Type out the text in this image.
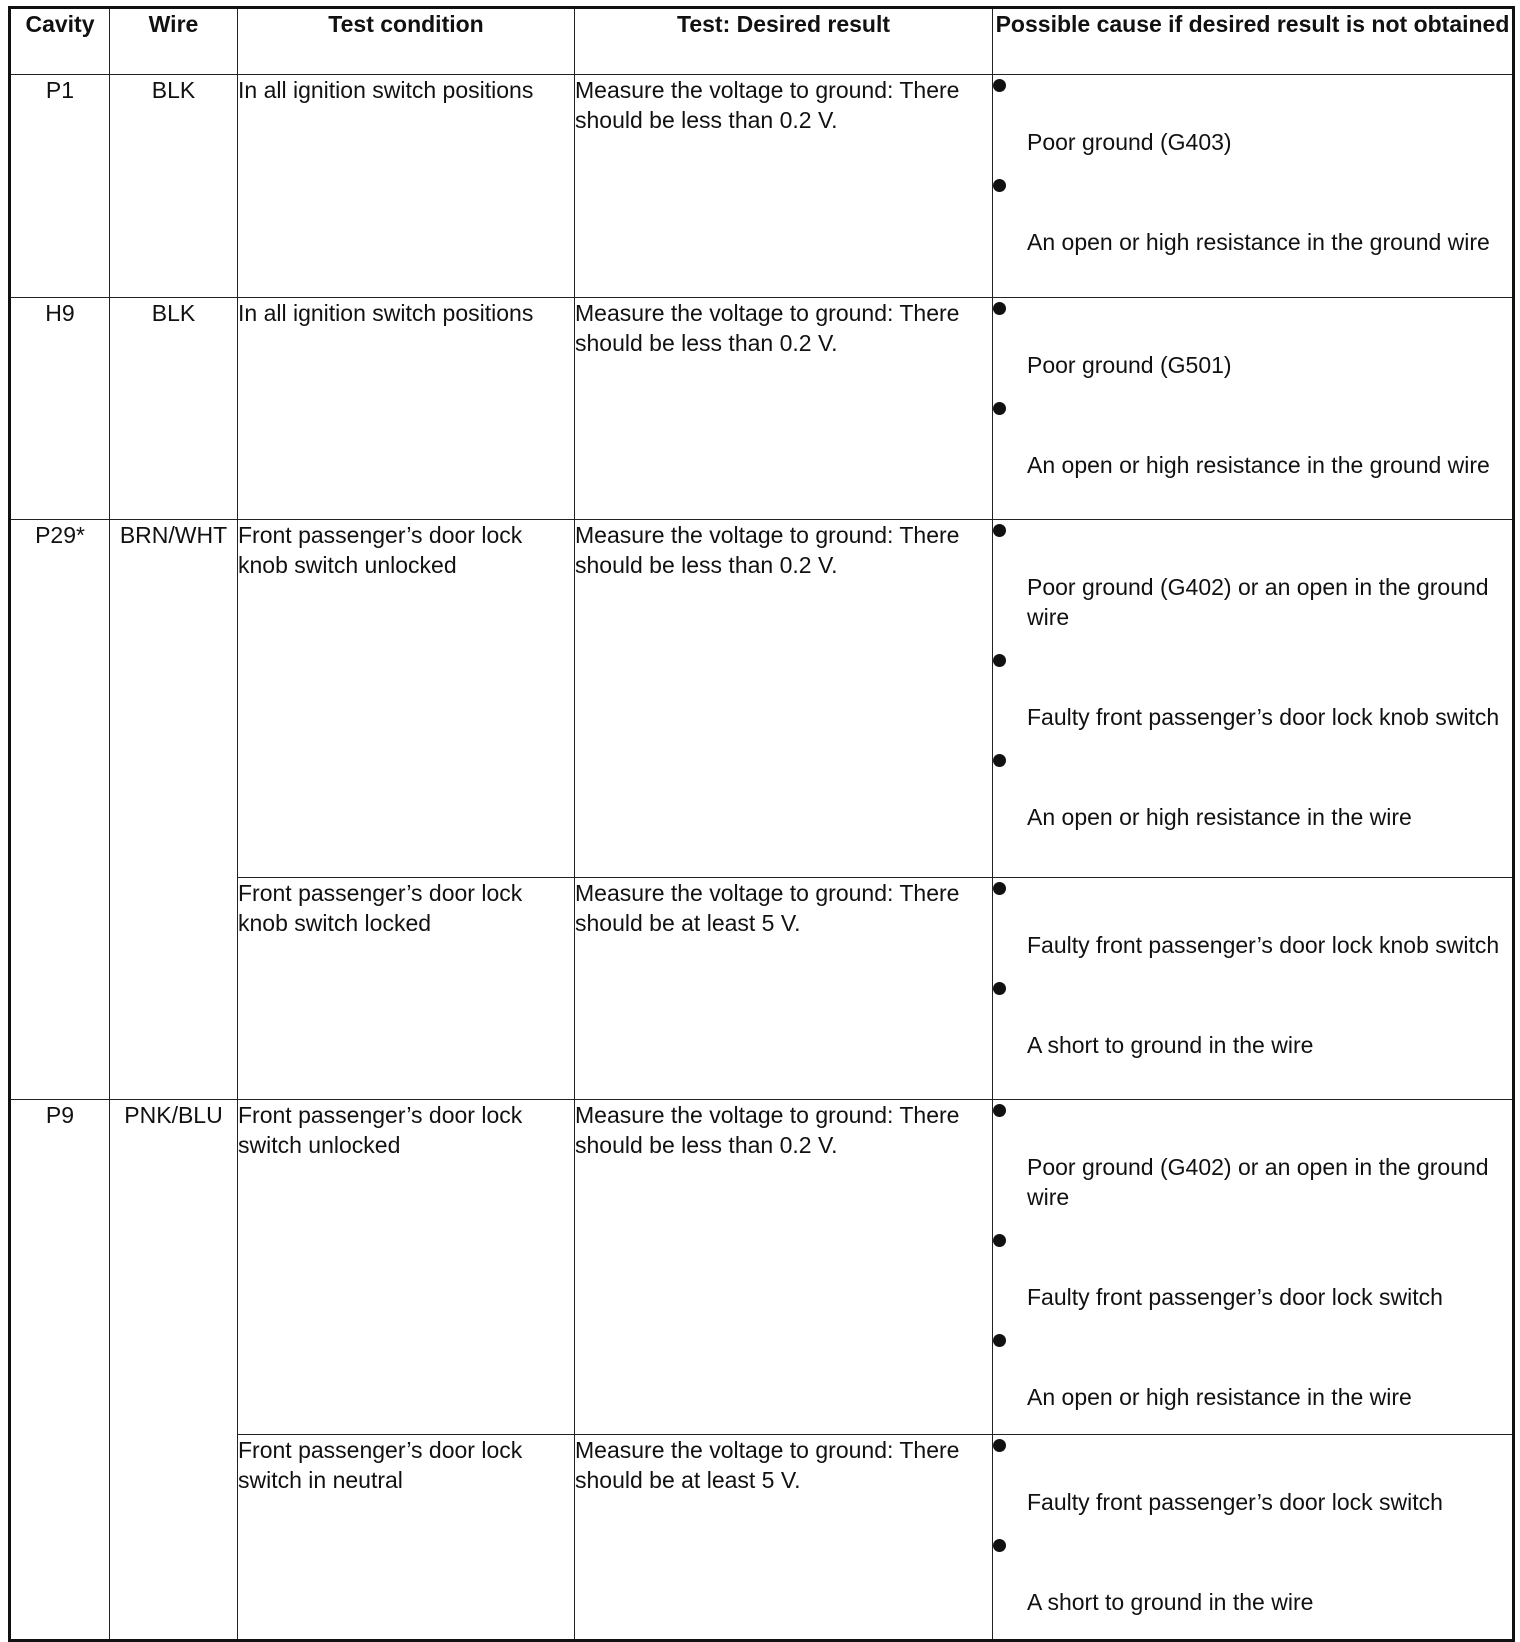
Cavity	Wire	Test condition	Test: Desired result	Possible cause if desired result is not obtained
P1	BLK	In all ignition switch positions	Measure the voltage to ground: There should be less than 0.2 V.	Poor ground (G403)
An open or high resistance in the ground wire

H9	BLK	In all ignition switch positions	Measure the voltage to ground: There should be less than 0.2 V.	Poor ground (G501)
An open or high resistance in the ground wire

P29*	BRN/WHT	Front passenger’s door lock knob switch unlocked	Measure the voltage to ground: There should be less than 0.2 V.	Poor ground (G402) or an open in the ground wire
Faulty front passenger’s door lock knob switch
An open or high resistance in the wire

		Front passenger’s door lock knob switch locked	Measure the voltage to ground: There should be at least 5 V.	Faulty front passenger’s door lock knob switch
A short to ground in the wire

P9	PNK/BLU	Front passenger’s door lock switch unlocked	Measure the voltage to ground: There should be less than 0.2 V.	Poor ground (G402) or an open in the ground wire
Faulty front passenger’s door lock switch
An open or high resistance in the wire

		Front passenger’s door lock switch in neutral	Measure the voltage to ground: There should be at least 5 V.	Faulty front passenger’s door lock switch
A short to ground in the wire
